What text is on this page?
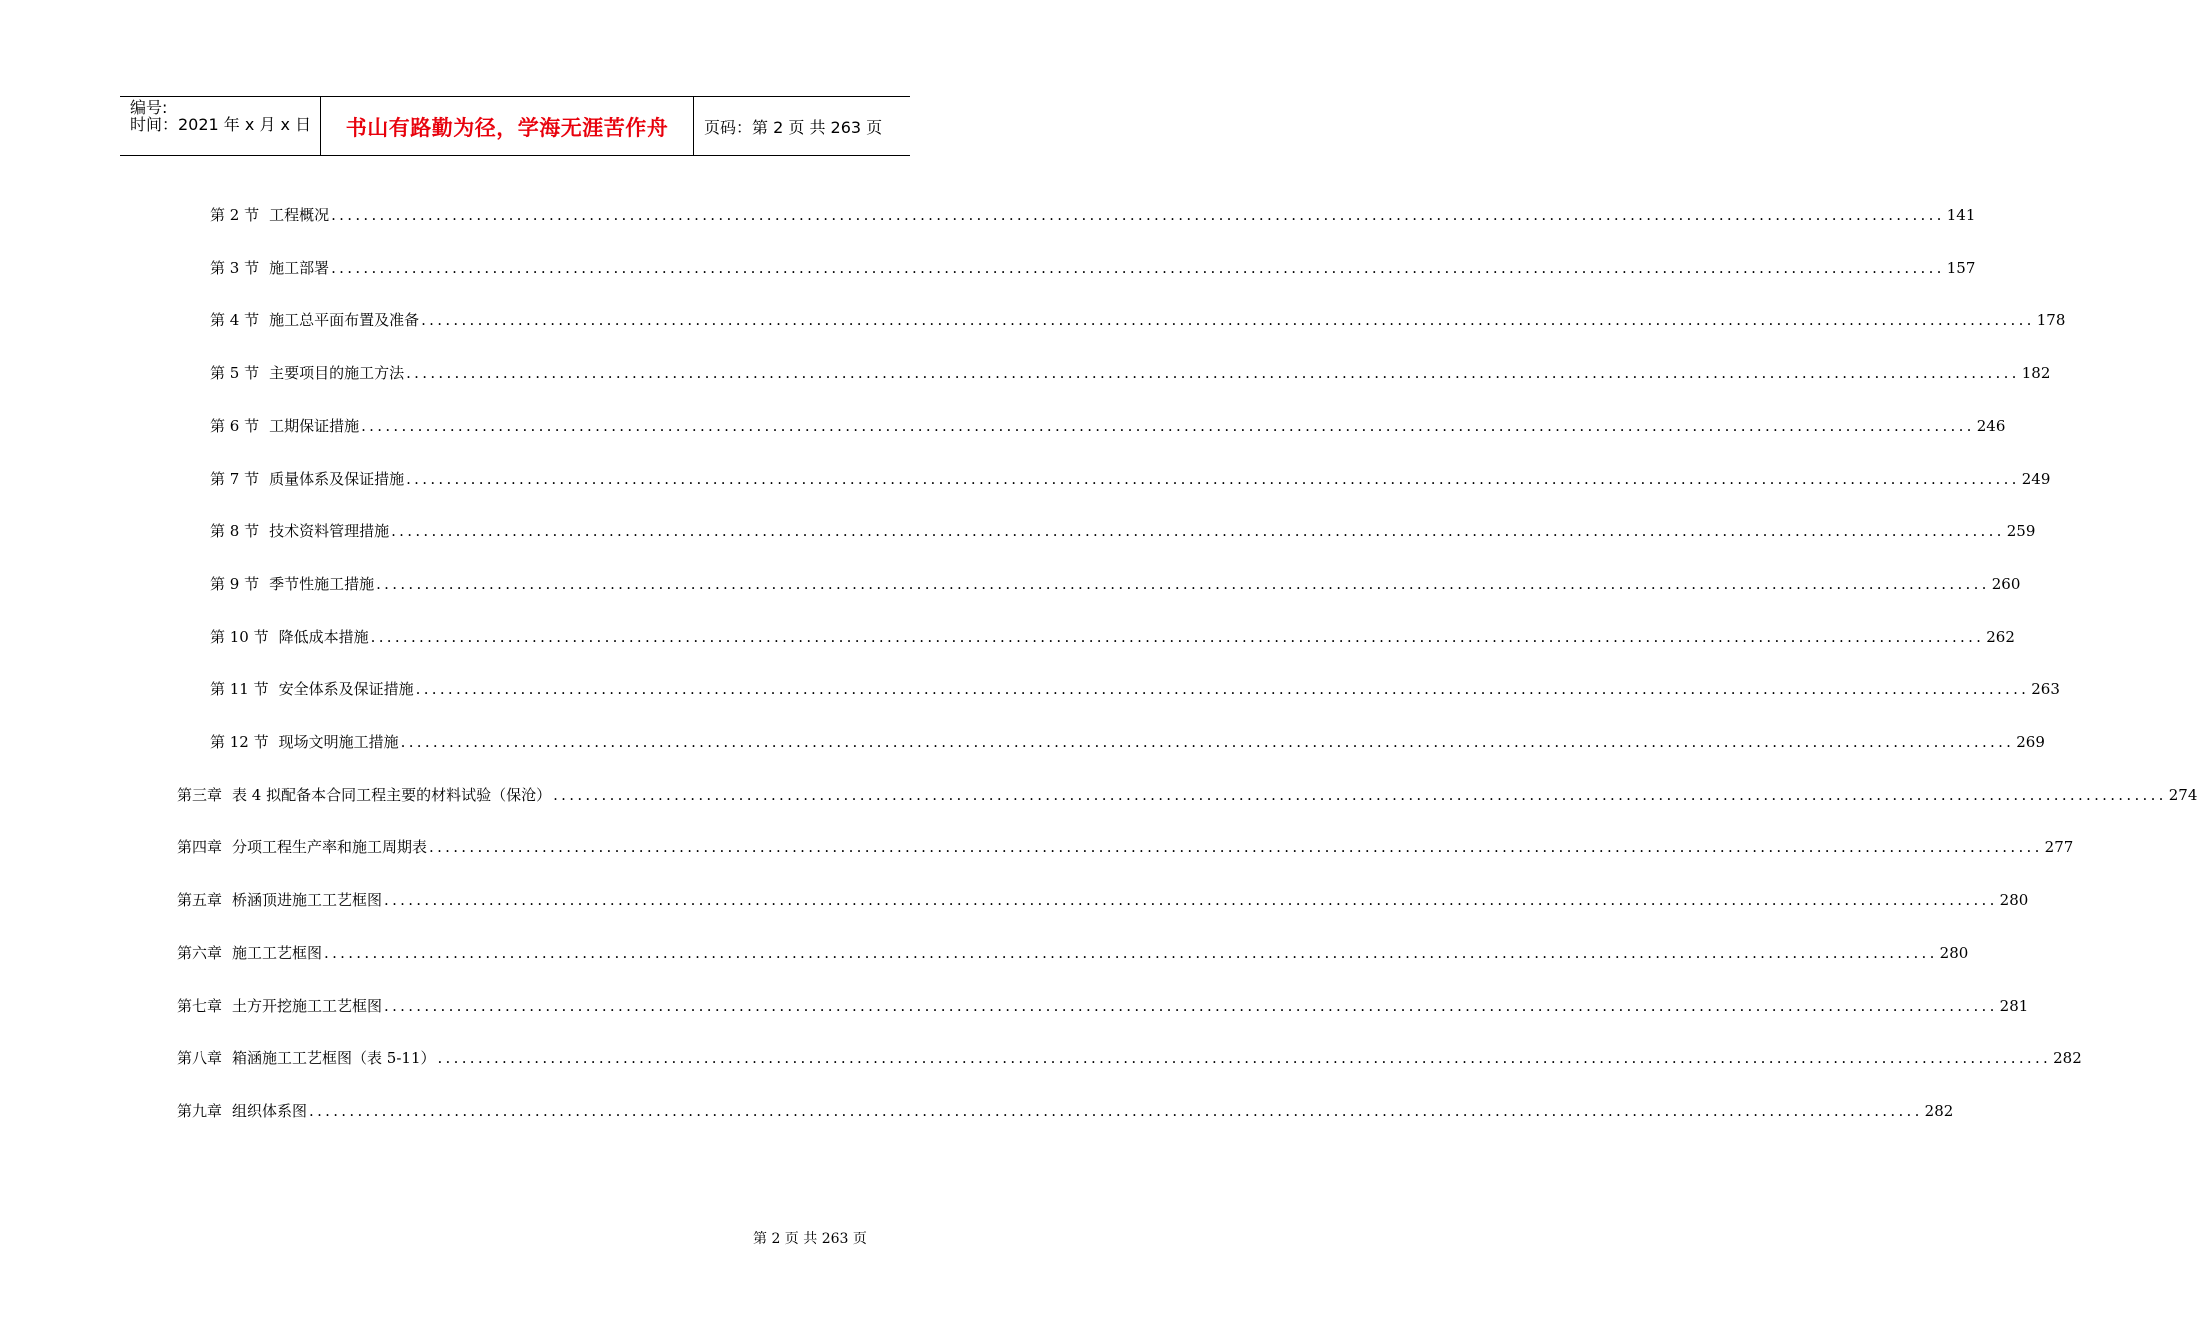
编号:
时间：2021 年 x 月 x 日	书山有路勤为径，学海无涯苦作舟	页码：第 2 页 共 263 页
第 2 节 工程概况 ........................................................................................................................................................................................................ 141
第 3 节 施工部署 ........................................................................................................................................................................................................ 157
第 4 节 施工总平面布置及准备 ........................................................................................................................................................................................................ 178
第 5 节 主要项目的施工方法 ........................................................................................................................................................................................................ 182
第 6 节 工期保证措施 ........................................................................................................................................................................................................ 246
第 7 节 质量体系及保证措施 ........................................................................................................................................................................................................ 249
第 8 节 技术资料管理措施 ........................................................................................................................................................................................................ 259
第 9 节 季节性施工措施 ........................................................................................................................................................................................................ 260
第 10 节 降低成本措施 ........................................................................................................................................................................................................ 262
第 11 节 安全体系及保证措施 ........................................................................................................................................................................................................ 263
第 12 节 现场文明施工措施 ........................................................................................................................................................................................................ 269
第三章 表 4 拟配备本合同工程主要的材料试验（保沧） ........................................................................................................................................................................................................ 274
第四章 分项工程生产率和施工周期表 ........................................................................................................................................................................................................ 277
第五章 桥涵顶进施工工艺框图 ........................................................................................................................................................................................................ 280
第六章 施工工艺框图 ........................................................................................................................................................................................................ 280
第七章 土方开挖施工工艺框图 ........................................................................................................................................................................................................ 281
第八章 箱涵施工工艺框图（表 5-11） ........................................................................................................................................................................................................ 282
第九章 组织体系图 ........................................................................................................................................................................................................ 282
第 2 页 共 263 页
